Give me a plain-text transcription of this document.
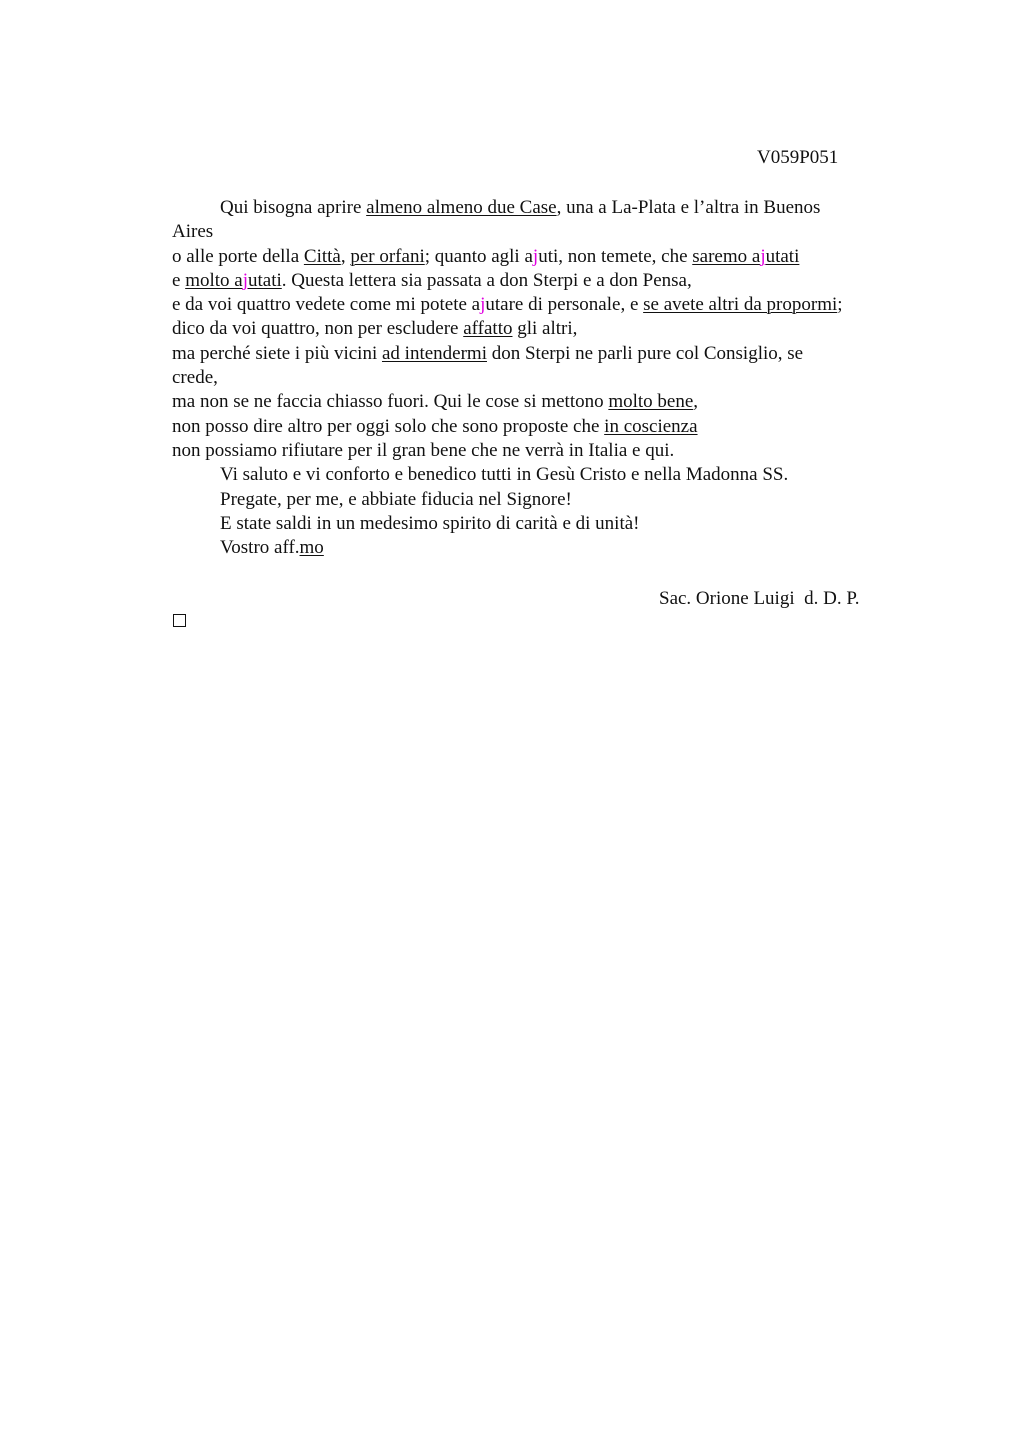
V059P051
Qui bisogna aprire almeno almeno due Case, una a La-Plata e l’altra in Buenos
Aires
o alle porte della Città, per orfani; quanto agli ajuti, non temete, che saremo ajutati
e molto ajutati. Questa lettera sia passata a don Sterpi e a don Pensa,
e da voi quattro vedete come mi potete ajutare di personale, e se avete altri da propormi;
dico da voi quattro, non per escludere affatto gli altri,
ma perché siete i più vicini ad intendermi don Sterpi ne parli pure col Consiglio, se
crede,
ma non se ne faccia chiasso fuori. Qui le cose si mettono molto bene,
non posso dire altro per oggi solo che sono proposte che in coscienza
non possiamo rifiutare per il gran bene che ne verrà in Italia e qui.
Vi saluto e vi conforto e benedico tutti in Gesù Cristo e nella Madonna SS.
Pregate, per me, e abbiate fiducia nel Signore!
E state saldi in un medesimo spirito di carità e di unità!
Vostro aff.mo
Sac. Orione Luigi  d. D. P.
